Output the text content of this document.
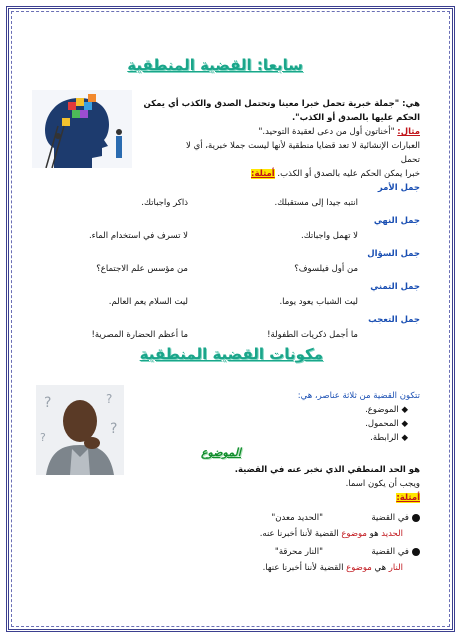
سابعا: القضية المنطقية
هي: "جملة خبرية تحمل خبرا معينا وتحتمل الصدق والكذب أي يمكن
الحكم عليها بالصدق أو الكذب".
مثال: "أخناتون أول من دعى لعقيدة التوحيد."
العبارات الإنشائية لا تعد قضايا منطقية لأنها ليست جملا خبرية، أي لا
تحمل
خبرا يمكن الحكم عليه بالصدق أو الكذب. أمثلة:
جمل الأمر
انتبه جيدا إلى مستقبلك.
ذاكر واجباتك.
جمل النهي
لا تهمل واجباتك.
لا تسرف في استخدام الماء.
جمل السؤال
من أول فيلسوف؟
من مؤسس علم الاجتماع؟
جمل التمني
ليت الشباب يعود يوما.
ليت السلام يعم العالم.
جمل التعجب
ما أجمل ذكريات الطفولة!
ما أعظم الحضارة المصرية!
مكونات القضية المنطقية
?	?
?
?
تتكون القضية من ثلاثة عناصر، هي:
◆ الموضوع.
◆ المحمول.
◆ الرابطة.
الموضوع
هو الحد المنطقي الذي نخبر عنه في القضية.
ويجب أن يكون اسما.
أمثلة:
في القضية
"الحديد معدن"
الحديد هو موضوع القضية لأننا أخبرنا عنه.
في القضية
"النار محرقة"
النار هي موضوع القضية لأننا أخبرنا عنها.
